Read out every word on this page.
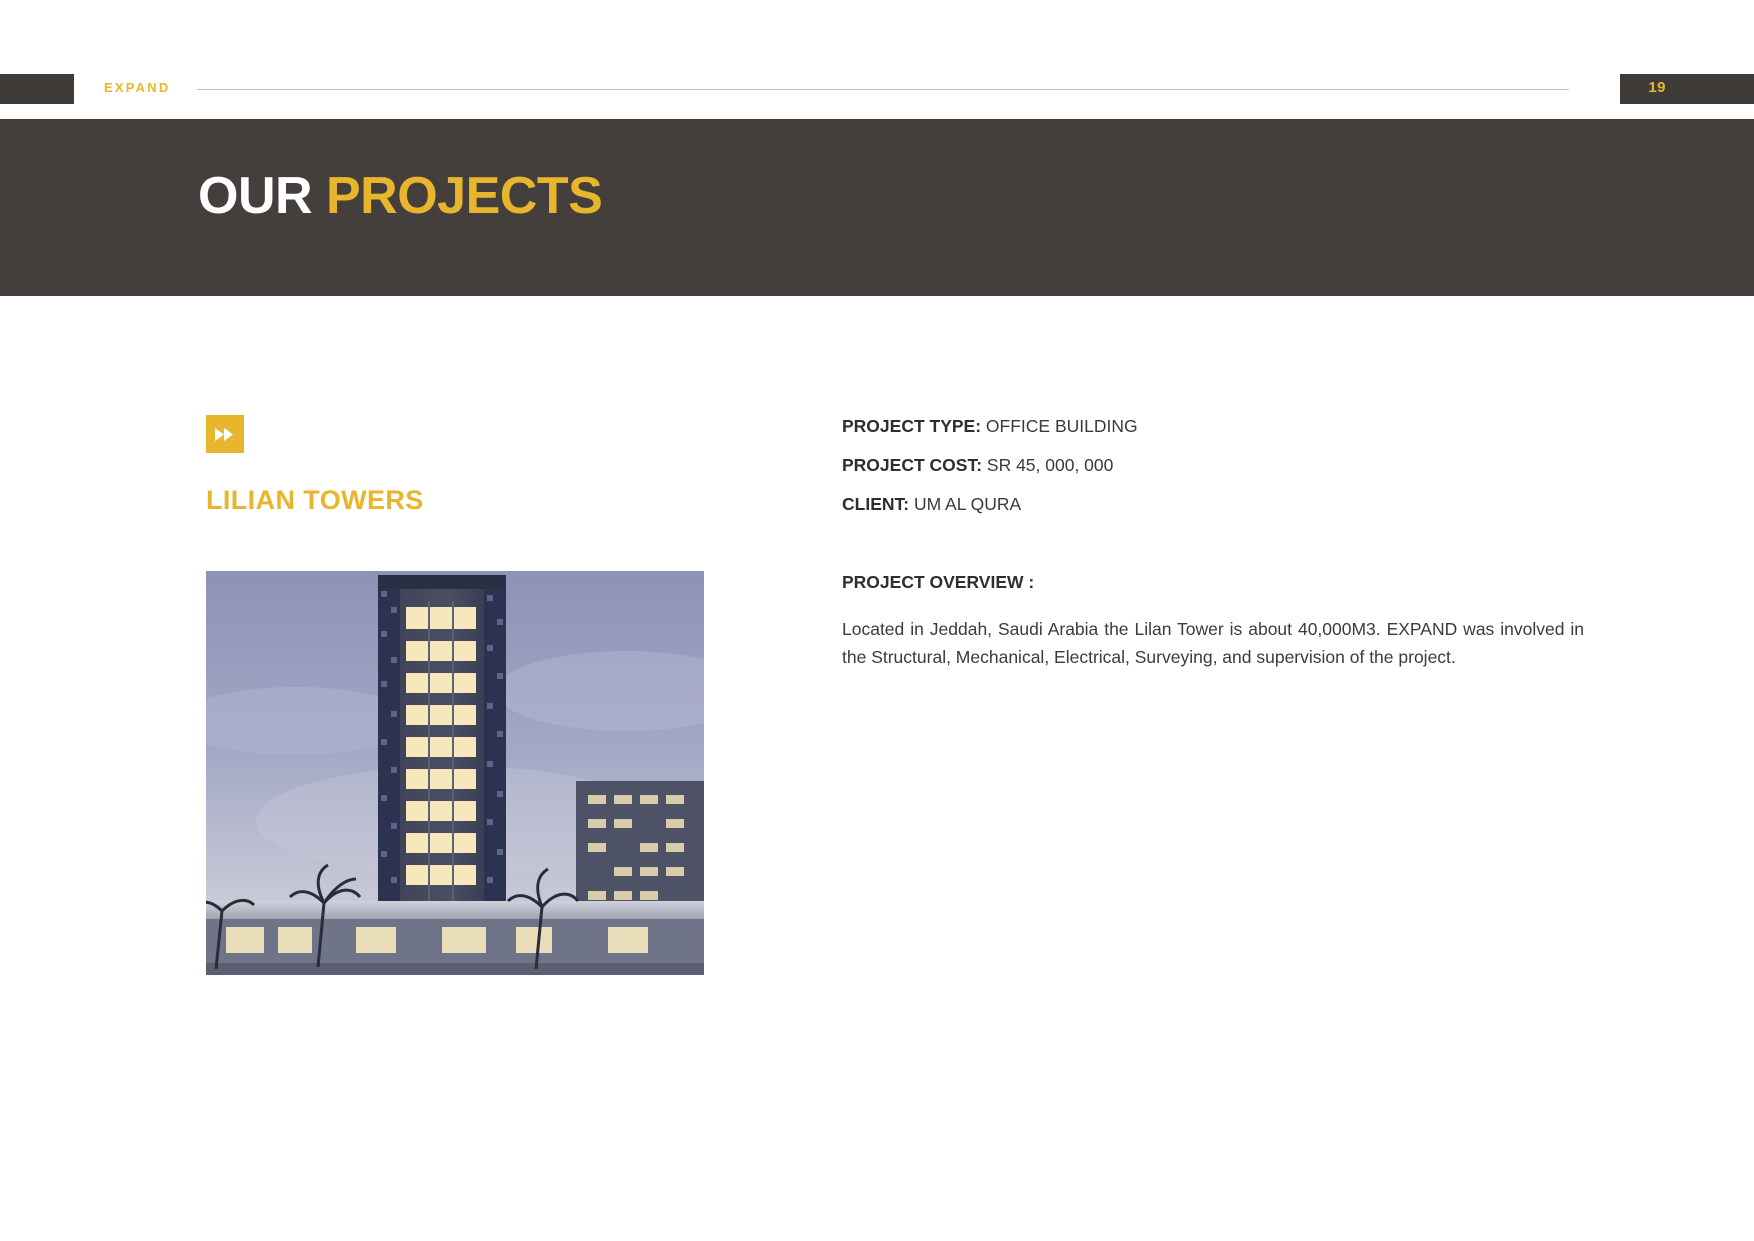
EXPAND	19
OUR PROJECTS
LILIAN TOWERS
PROJECT TYPE: OFFICE BUILDING
PROJECT COST: SR 45, 000, 000
CLIENT: UM AL QURA
PROJECT OVERVIEW :
Located in Jeddah, Saudi Arabia the Lilan Tower is about 40,000M3. EXPAND was involved in the Structural, Mechanical, Electrical, Surveying, and supervision of the project.
